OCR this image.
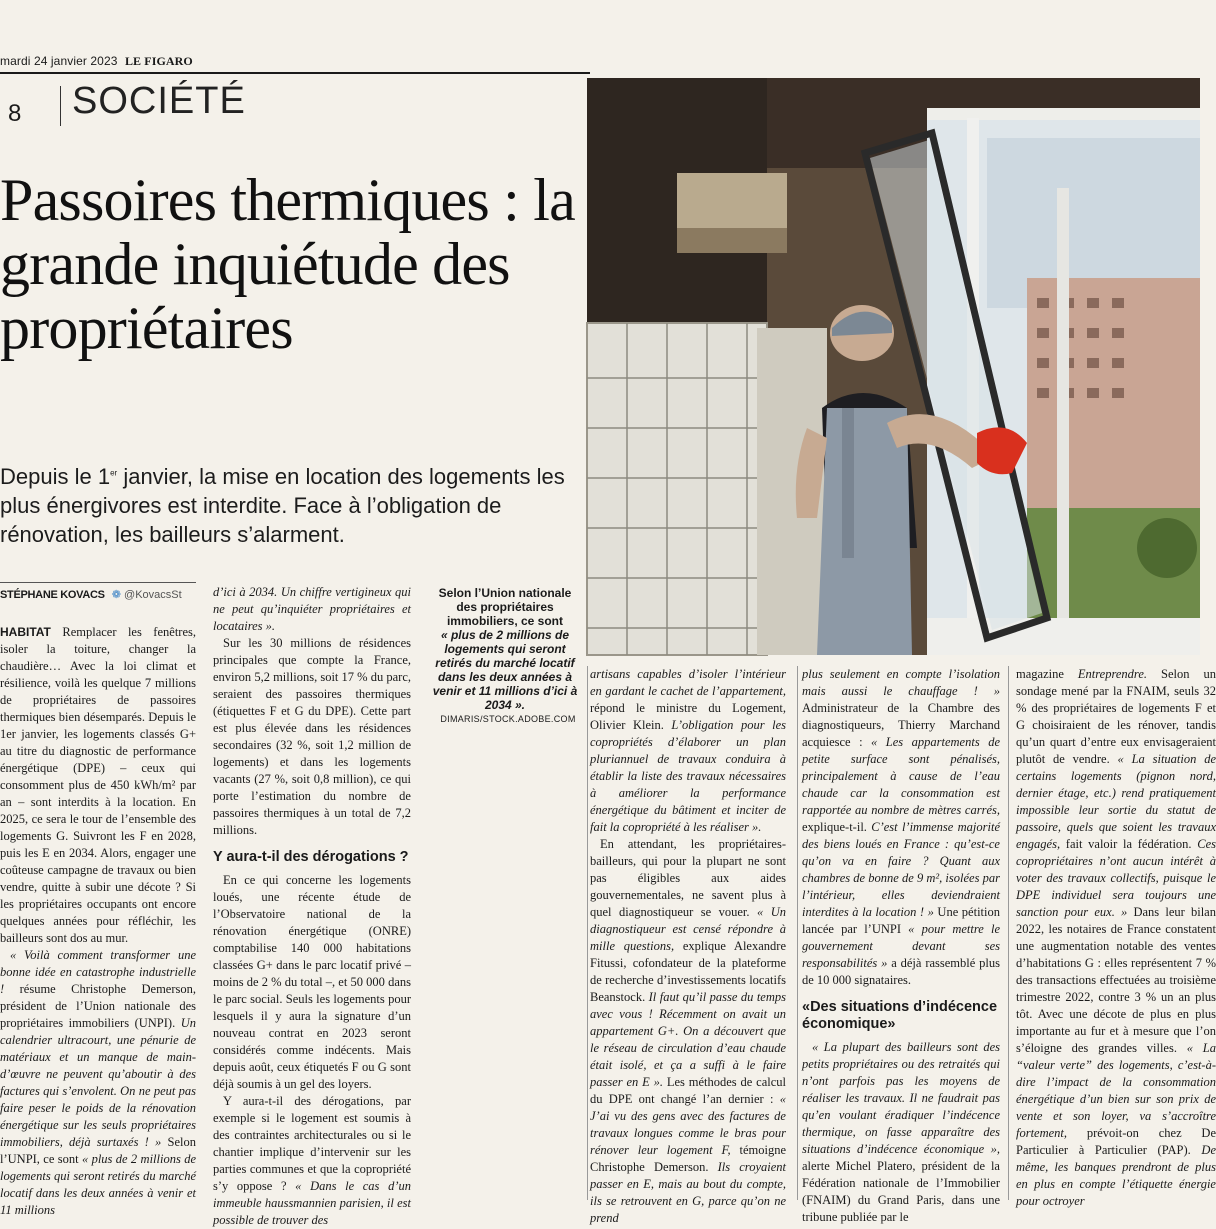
mardi 24 janvier 2023 LE FIGARO
8 SOCIÉTÉ
Passoires thermiques : la grande inquiétude des propriétaires

Depuis le 1er janvier, la mise en location des logements les plus énergivores est interdite. Face à l’obligation de rénovation, les bailleurs s’alarment.

Selon l’Union nationale des propriétaires immobiliers, ce sont
« plus de 2 millions de logements qui seront retirés du marché locatif dans les deux années à venir et 11 millions d’ici à 2034 ».
DIMARIS/STOCK.ADOBE.COM
STÉPHANE KOVACS ❁ @KovacsSt

HABITAT Remplacer les fenêtres, isoler la toiture, changer la chaudière… Avec la loi climat et résilience, voilà les quelque 7 millions de propriétaires de passoires thermiques bien désemparés. Depuis le 1er janvier, les logements classés G+ au titre du diagnostic de performance énergétique (DPE) – ceux qui consomment plus de 450 kWh/m² par an – sont interdits à la location. En 2025, ce sera le tour de l’ensemble des logements G. Suivront les F en 2028, puis les E en 2034. Alors, engager une coûteuse campagne de travaux ou bien vendre, quitte à subir une décote ? Si les propriétaires occupants ont encore quelques années pour réfléchir, les bailleurs sont dos au mur.

« Voilà comment transformer une bonne idée en catastrophe industrielle ! résume Christophe Demerson, président de l’Union nationale des propriétaires immobiliers (UNPI). Un calendrier ultracourt, une pénurie de matériaux et un manque de main-d’œuvre ne peuvent qu’aboutir à des factures qui s’envolent. On ne peut pas faire peser le poids de la rénovation énergétique sur les seuls propriétaires immobiliers, déjà surtaxés ! » Selon l’UNPI, ce sont « plus de 2 millions de logements qui seront retirés du marché locatif dans les deux années à venir et 11 millions

d’ici à 2034. Un chiffre vertigineux qui ne peut qu’inquiéter propriétaires et locataires ».

Sur les 30 millions de résidences principales que compte la France, environ 5,2 millions, soit 17 % du parc, seraient des passoires thermiques (étiquettes F et G du DPE). Cette part est plus élevée dans les résidences secondaires (32 %, soit 1,2 million de logements) et dans les logements vacants (27 %, soit 0,8 million), ce qui porte l’estimation du nombre de passoires thermiques à un total de 7,2 millions.

Y aura-t-il des dérogations ?

En ce qui concerne les logements loués, une récente étude de l’Observatoire national de la rénovation énergétique (ONRE) comptabilise 140 000 habitations classées G+ dans le parc locatif privé – moins de 2 % du total –, et 50 000 dans le parc social. Seuls les logements pour lesquels il y aura la signature d’un nouveau contrat en 2023 seront considérés comme indécents. Mais depuis août, ceux étiquetés F ou G sont déjà soumis à un gel des loyers.

Y aura-t-il des dérogations, par exemple si le logement est soumis à des contraintes architecturales ou si le chantier implique d’intervenir sur les parties communes et que la copropriété s’y oppose ? « Dans le cas d’un immeuble haussmannien parisien, il est possible de trouver des

artisans capables d’isoler l’intérieur en gardant le cachet de l’appartement, répond le ministre du Logement, Olivier Klein. L’obligation pour les copropriétés d’élaborer un plan pluriannuel de travaux conduira à établir la liste des travaux nécessaires à améliorer la performance énergétique du bâtiment et inciter de fait la copropriété à les réaliser ».

En attendant, les propriétaires-bailleurs, qui pour la plupart ne sont pas éligibles aux aides gouvernementales, ne savent plus à quel diagnostiqueur se vouer. « Un diagnostiqueur est censé répondre à mille questions, explique Alexandre Fitussi, cofondateur de la plateforme de recherche d’investissements locatifs Beanstock. Il faut qu’il passe du temps avec vous ! Récemment on avait un appartement G+. On a découvert que le réseau de circulation d’eau chaude était isolé, et ça a suffi à le faire passer en E ». Les méthodes de calcul du DPE ont changé l’an dernier : « J’ai vu des gens avec des factures de travaux longues comme le bras pour rénover leur logement F, témoigne Christophe Demerson. Ils croyaient passer en E, mais au bout du compte, ils se retrouvent en G, parce qu’on ne prend

plus seulement en compte l’isolation mais aussi le chauffage ! » Administrateur de la Chambre des diagnostiqueurs, Thierry Marchand acquiesce : « Les appartements de petite surface sont pénalisés, principalement à cause de l’eau chaude car la consommation est rapportée au nombre de mètres carrés, explique-t-il. C’est l’immense majorité des biens loués en France : qu’est-ce qu’on va en faire ? Quant aux chambres de bonne de 9 m², isolées par l’intérieur, elles deviendraient interdites à la location ! » Une pétition lancée par l’UNPI « pour mettre le gouvernement devant ses responsabilités » a déjà rassemblé plus de 10 000 signataires.

«Des situations d’indécence économique»

« La plupart des bailleurs sont des petits propriétaires ou des retraités qui n’ont parfois pas les moyens de réaliser les travaux. Il ne faudrait pas qu’en voulant éradiquer l’indécence thermique, on fasse apparaître des situations d’indécence économique », alerte Michel Platero, président de la Fédération nationale de l’Immobilier (FNAIM) du Grand Paris, dans une tribune publiée par le

magazine Entreprendre. Selon un sondage mené par la FNAIM, seuls 32 % des propriétaires de logements F et G choisiraient de les rénover, tandis qu’un quart d’entre eux envisageraient plutôt de vendre. « La situation de certains logements (pignon nord, dernier étage, etc.) rend pratiquement impossible leur sortie du statut de passoire, quels que soient les travaux engagés, fait valoir la fédération. Ces copropriétaires n’ont aucun intérêt à voter des travaux collectifs, puisque le DPE individuel sera toujours une sanction pour eux. » Dans leur bilan 2022, les notaires de France constatent une augmentation notable des ventes d’habitations G : elles représentent 7 % des transactions effectuées au troisième trimestre 2022, contre 3 % un an plus tôt. Avec une décote de plus en plus importante au fur et à mesure que l’on s’éloigne des grandes villes. « La “valeur verte” des logements, c’est-à-dire l’impact de la consommation énergétique d’un bien sur son prix de vente et son loyer, va s’accroître fortement, prévoit-on chez De Particulier à Particulier (PAP). De même, les banques prendront de plus en plus en compte l’étiquette énergie pour octroyer
